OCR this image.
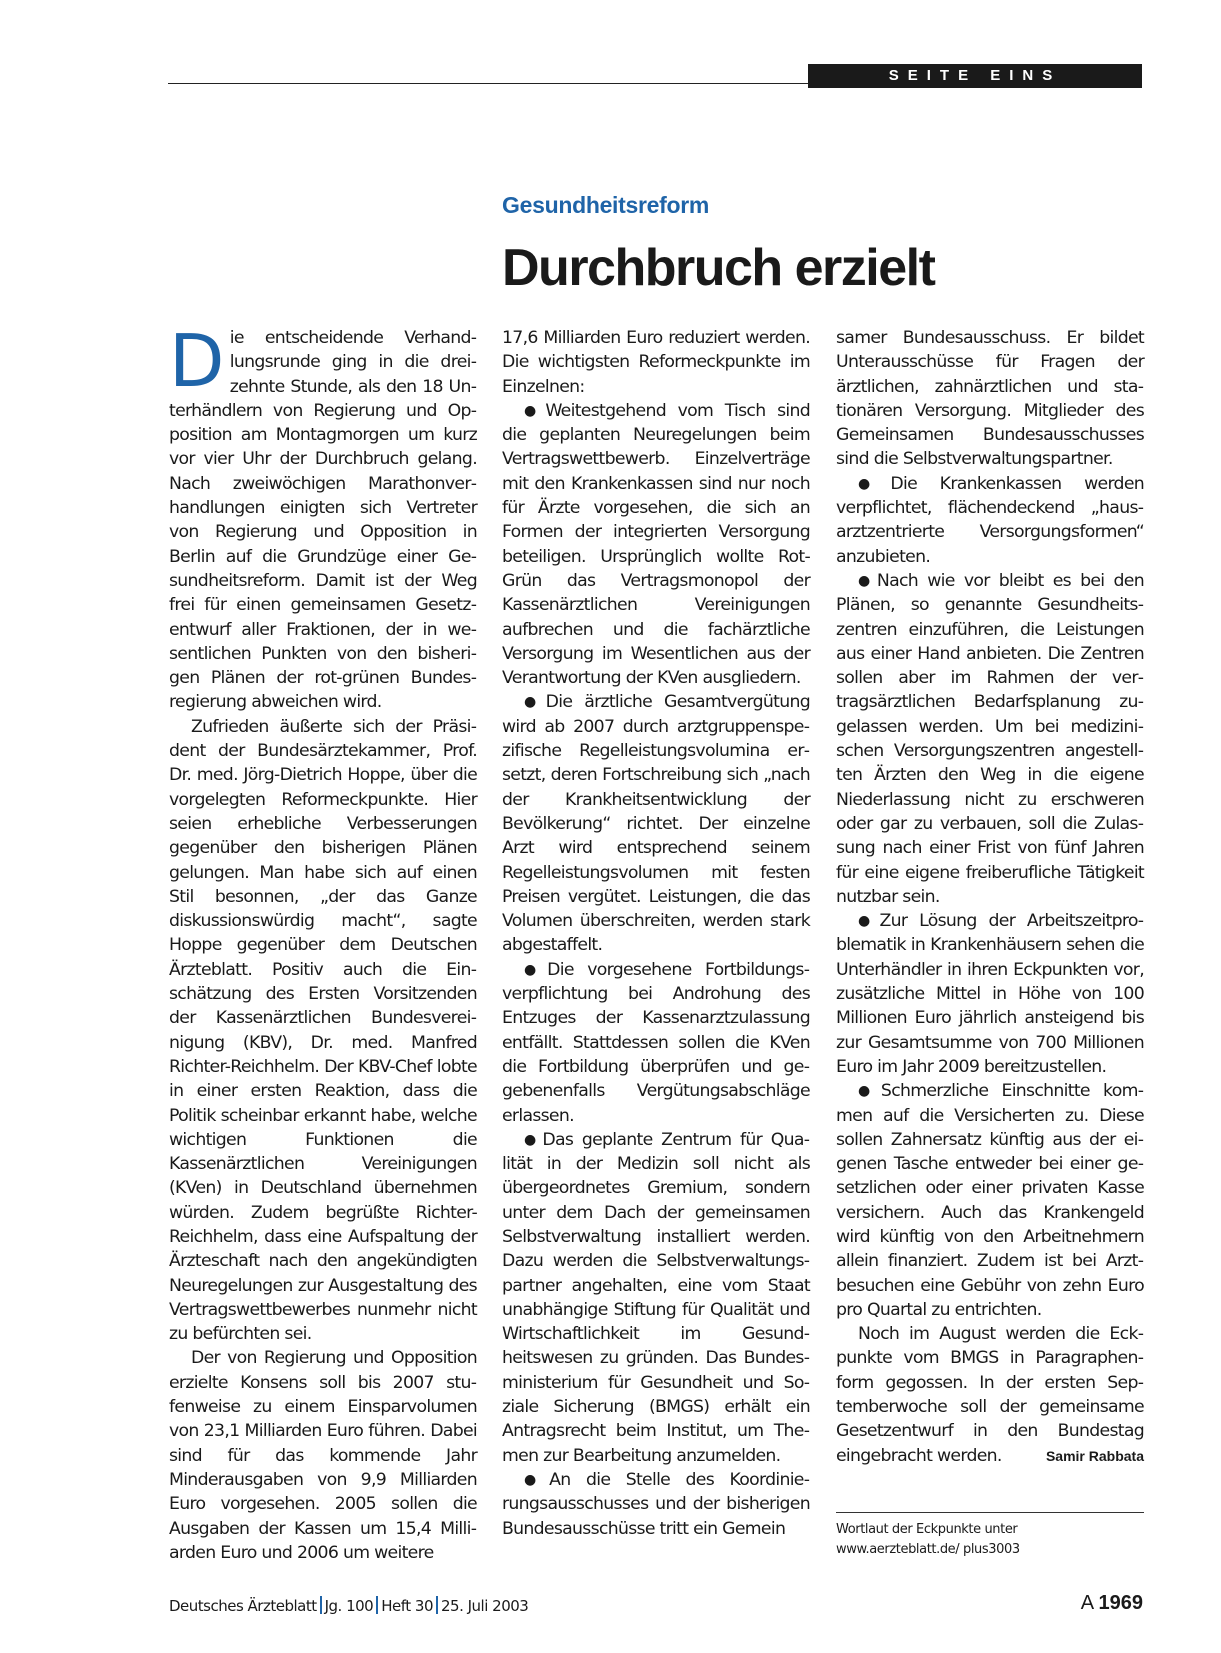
SEITE EINS
Gesundheitsreform
Durchbruch erzielt

Die entscheidende Verhandlungsrunde ging in die dreizehnte Stunde, als den 18 Unterhändlern von Regierung und Opposition am Montagmorgen um kurz vor vier Uhr der Durchbruch gelang. Nach zweiwöchigen Marathonverhandlungen einigten sich Vertreter von Regierung und Opposition in Berlin auf die Grundzüge einer Gesundheitsreform. Damit ist der Weg frei für einen gemeinsamen Gesetzentwurf aller Fraktionen, der in wesentlichen Punkten von den bisherigen Plänen der rot-grünen Bundesregierung abweichen wird.

Zufrieden äußerte sich der Präsident der Bundesärztekammer, Prof. Dr. med. Jörg-Dietrich Hoppe, über die vorgelegten Reformeckpunkte. Hier seien erhebliche Verbesserungen gegenüber den bisherigen Plänen gelungen. Man habe sich auf einen Stil besonnen, „der das Ganze diskussionswürdig macht“, sagte Hoppe gegenüber dem Deutschen Ärzteblatt. Positiv auch die Einschätzung des Ersten Vorsitzenden der Kassenärztlichen Bundesvereinigung (KBV), Dr. med. Manfred Richter-Reichhelm. Der KBV-Chef lobte in einer ersten Reaktion, dass die Politik scheinbar erkannt habe, welche wichtigen Funktionen die Kassenärztlichen Vereinigungen (KVen) in Deutschland übernehmen würden. Zudem begrüßte Richter-Reichhelm, dass eine Aufspaltung der Ärzteschaft nach den angekündigten Neuregelungen zur Ausgestaltung des Vertragswettbewerbes nunmehr nicht zu befürchten sei.

Der von Regierung und Opposition erzielte Konsens soll bis 2007 stufenweise zu einem Einsparvolumen von 23,1 Milliarden Euro führen. Dabei sind für das kommende Jahr Minderausgaben von 9,9 Milliarden Euro vorgesehen. 2005 sollen die Ausgaben der Kassen um 15,4 Milliarden Euro und 2006 um weitere

17,6 Milliarden Euro reduziert werden. Die wichtigsten Reformeckpunkte im Einzelnen:

● Weitestgehend vom Tisch sind die geplanten Neuregelungen beim Vertragswettbewerb. Einzelverträge mit den Krankenkassen sind nur noch für Ärzte vorgesehen, die sich an Formen der integrierten Versorgung beteiligen. Ursprünglich wollte Rot-Grün das Vertragsmonopol der Kassenärztlichen Vereinigungen aufbrechen und die fachärztliche Versorgung im Wesentlichen aus der Verantwortung der KVen ausgliedern.

● Die ärztliche Gesamtvergütung wird ab 2007 durch arztgruppenspezifische Regelleistungsvolumina ersetzt, deren Fortschreibung sich „nach der Krankheitsentwicklung der Bevölkerung“ richtet. Der einzelne Arzt wird entsprechend seinem Regelleistungsvolumen mit festen Preisen vergütet. Leistungen, die das Volumen überschreiten, werden stark abgestaffelt.

● Die vorgesehene Fortbildungsverpflichtung bei Androhung des Entzuges der Kassenarztzulassung entfällt. Stattdessen sollen die KVen die Fortbildung überprüfen und gegebenenfalls Vergütungsabschläge erlassen.

● Das geplante Zentrum für Qualität in der Medizin soll nicht als übergeordnetes Gremium, sondern unter dem Dach der gemeinsamen Selbstverwaltung installiert werden. Dazu werden die Selbstverwaltungspartner angehalten, eine vom Staat unabhängige Stiftung für Qualität und Wirtschaftlichkeit im Gesundheitswesen zu gründen. Das Bundesministerium für Gesundheit und Soziale Sicherung (BMGS) erhält ein Antragsrecht beim Institut, um Themen zur Bearbeitung anzumelden.

● An die Stelle des Koordinierungsausschusses und der bisherigen Bundesausschüsse tritt ein Gemein

samer Bundesausschuss. Er bildet Unterausschüsse für Fragen der ärztlichen, zahnärztlichen und stationären Versorgung. Mitglieder des Gemeinsamen Bundesausschusses sind die Selbstverwaltungspartner.

● Die Krankenkassen werden verpflichtet, flächendeckend „hausarztzentrierte Versorgungsformen“ anzubieten.

● Nach wie vor bleibt es bei den Plänen, so genannte Gesundheitszentren einzuführen, die Leistungen aus einer Hand anbieten. Die Zentren sollen aber im Rahmen der vertragsärztlichen Bedarfsplanung zugelassen werden. Um bei medizinischen Versorgungszentren angestellten Ärzten den Weg in die eigene Niederlassung nicht zu erschweren oder gar zu verbauen, soll die Zulassung nach einer Frist von fünf Jahren für eine eigene freiberufliche Tätigkeit nutzbar sein.

● Zur Lösung der Arbeitszeitproblematik in Krankenhäusern sehen die Unterhändler in ihren Eckpunkten vor, zusätzliche Mittel in Höhe von 100 Millionen Euro jährlich ansteigend bis zur Gesamtsumme von 700 Millionen Euro im Jahr 2009 bereitzustellen.

● Schmerzliche Einschnitte kommen auf die Versicherten zu. Diese sollen Zahnersatz künftig aus der eigenen Tasche entweder bei einer gesetzlichen oder einer privaten Kasse versichern. Auch das Krankengeld wird künftig von den Arbeitnehmern allein finanziert. Zudem ist bei Arztbesuchen eine Gebühr von zehn Euro pro Quartal zu entrichten.

Noch im August werden die Eckpunkte vom BMGS in Paragraphenform gegossen. In der ersten Septemberwoche soll der gemeinsame Gesetzentwurf in den Bundestag eingebracht werden.	Samir Rabbata

Wortlaut der Eckpunkte unter www.aerzteblatt.de/ plus3003
Deutsches Ärzteblatt Jg. 100 Heft 30 25. Juli 2003	A 1969
